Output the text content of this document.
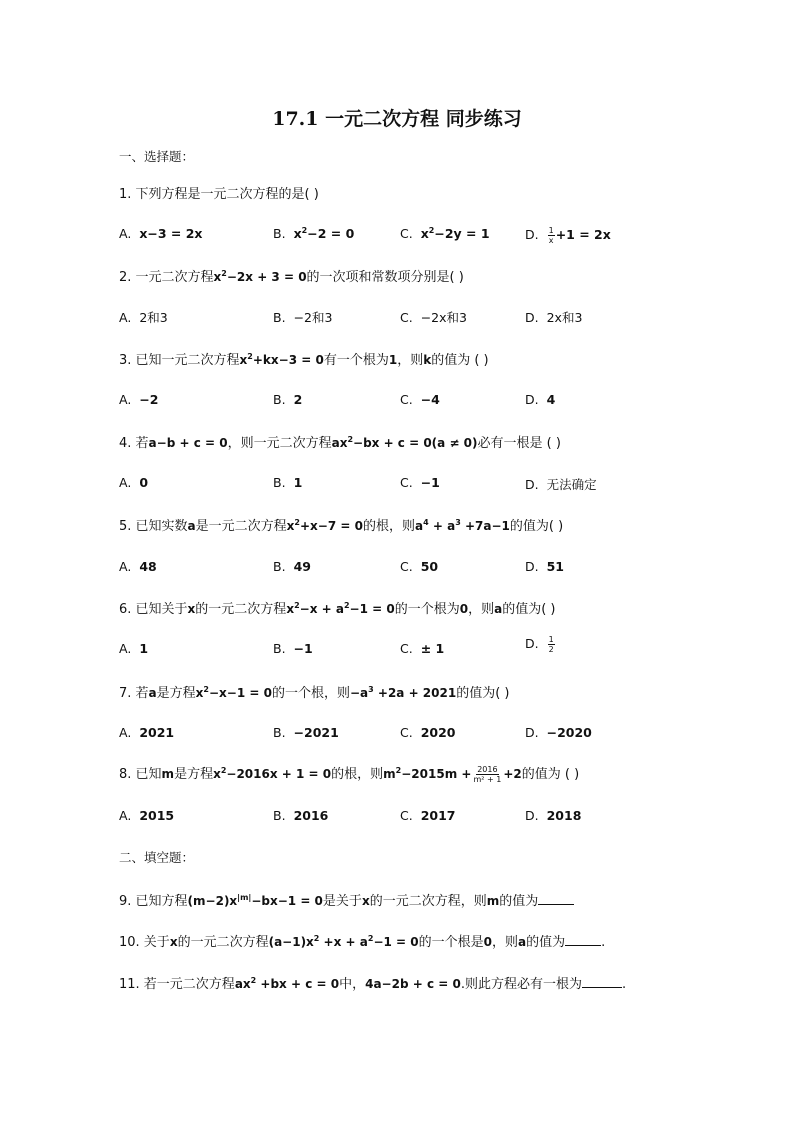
17.1 一元二次方程 同步练习
一、选择题：
1. 下列方程是一元二次方程的是( )
A. x−3 = 2x	B. $x^2-2 = 0$	C. $x^2-2y = 1$	D. $\frac{1}{x} +1 = 2x$
2. 一元二次方程$x^2-2x + 3 = 0$的一次项和常数项分别是( )
A. 2和3	B. −2和3	C. −2x和3	D. 2x和3
3. 已知一元二次方程$x^2+kx-3 = 0$有一个根为1，则k的值为 ( )
A. −2	B. 2	C. −4	D. 4
4. 若a−b + c = 0，则一元二次方程$ax^2-bx + c = 0(a \ne 0)$必有一根是 ( )
A. 0	B. 1	C. −1	D. 无法确定
5. 已知实数a是一元二次方程$x^2+x-7 = 0$的根，则$a^4 + a^3 +7a-1$的值为( )
A. 48	B. 49	C. 50	D. 51
6. 已知关于x的一元二次方程$x^2-x + a^2-1 = 0$的一个根为0，则a的值为( )
A. 1	B. −1	C. ± 1	D. $\frac{1}{2}$
7. 若a是方程$x^2-x-1 = 0$的一个根，则$-a^3 +2a + 2021$的值为( )
A. 2021	B. −2021	C. 2020	D. −2020
8. 已知m是方程$x^2-2016x + 1 = 0$的根，则$m^2-2015m + \frac{2016}{\text{m² + 1}} +2$的值为 ( )
A. 2015	B. 2016	C. 2017	D. 2018
二、填空题：
9. 已知方程$(m-2)x^{|m|}-bx-1 = 0$是关于x的一元二次方程，则m的值为
10. 关于x的一元二次方程$(a-1)x^2 +x + a^2-1 = 0$的一个根是0，则a的值为	.
11. 若一元二次方程$ax^2 +bx + c = 0$中，4a−2b + c = 0.则此方程必有一根为	.
